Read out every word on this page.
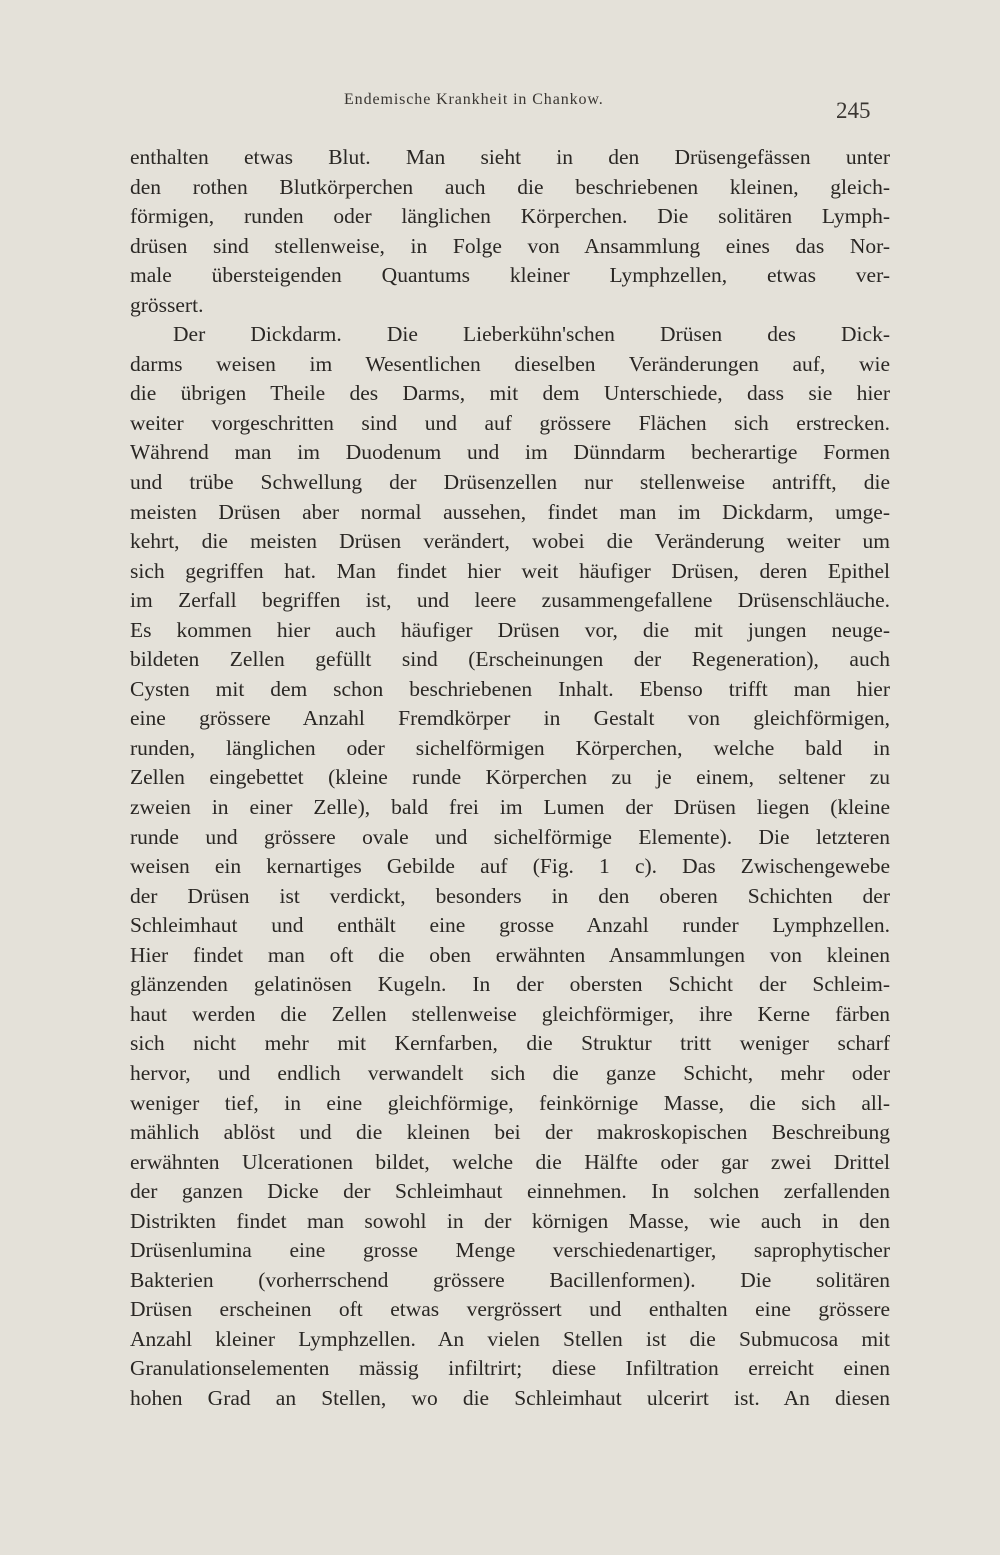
Endemische Krankheit in Chankow.	245
enthalten etwas Blut. Man sieht in den Drüsengefässen unter
den rothen Blutkörperchen auch die beschriebenen kleinen, gleich-
förmigen, runden oder länglichen Körperchen. Die solitären Lymph-
drüsen sind stellenweise, in Folge von Ansammlung eines das Nor-
male übersteigenden Quantums kleiner Lymphzellen, etwas ver-
grössert.
Der Dickdarm. Die Lieberkühn'schen Drüsen des Dick-
darms weisen im Wesentlichen dieselben Veränderungen auf, wie
die übrigen Theile des Darms, mit dem Unterschiede, dass sie hier
weiter vorgeschritten sind und auf grössere Flächen sich erstrecken.
Während man im Duodenum und im Dünndarm becherartige Formen
und trübe Schwellung der Drüsenzellen nur stellenweise antrifft, die
meisten Drüsen aber normal aussehen, findet man im Dickdarm, umge-
kehrt, die meisten Drüsen verändert, wobei die Veränderung weiter um
sich gegriffen hat. Man findet hier weit häufiger Drüsen, deren Epithel
im Zerfall begriffen ist, und leere zusammengefallene Drüsenschläuche.
Es kommen hier auch häufiger Drüsen vor, die mit jungen neuge-
bildeten Zellen gefüllt sind (Erscheinungen der Regeneration), auch
Cysten mit dem schon beschriebenen Inhalt. Ebenso trifft man hier
eine grössere Anzahl Fremdkörper in Gestalt von gleichförmigen,
runden, länglichen oder sichelförmigen Körperchen, welche bald in
Zellen eingebettet (kleine runde Körperchen zu je einem, seltener zu
zweien in einer Zelle), bald frei im Lumen der Drüsen liegen (kleine
runde und grössere ovale und sichelförmige Elemente). Die letzteren
weisen ein kernartiges Gebilde auf (Fig. 1 c). Das Zwischengewebe
der Drüsen ist verdickt, besonders in den oberen Schichten der
Schleimhaut und enthält eine grosse Anzahl runder Lymphzellen.
Hier findet man oft die oben erwähnten Ansammlungen von kleinen
glänzenden gelatinösen Kugeln. In der obersten Schicht der Schleim-
haut werden die Zellen stellenweise gleichförmiger, ihre Kerne färben
sich nicht mehr mit Kernfarben, die Struktur tritt weniger scharf
hervor, und endlich verwandelt sich die ganze Schicht, mehr oder
weniger tief, in eine gleichförmige, feinkörnige Masse, die sich all-
mählich ablöst und die kleinen bei der makroskopischen Beschreibung
erwähnten Ulcerationen bildet, welche die Hälfte oder gar zwei Drittel
der ganzen Dicke der Schleimhaut einnehmen. In solchen zerfallenden
Distrikten findet man sowohl in der körnigen Masse, wie auch in den
Drüsenlumina eine grosse Menge verschiedenartiger, saprophytischer
Bakterien (vorherrschend grössere Bacillenformen). Die solitären
Drüsen erscheinen oft etwas vergrössert und enthalten eine grössere
Anzahl kleiner Lymphzellen. An vielen Stellen ist die Submucosa mit
Granulationselementen mässig infiltrirt; diese Infiltration erreicht einen
hohen Grad an Stellen, wo die Schleimhaut ulcerirt ist. An diesen
